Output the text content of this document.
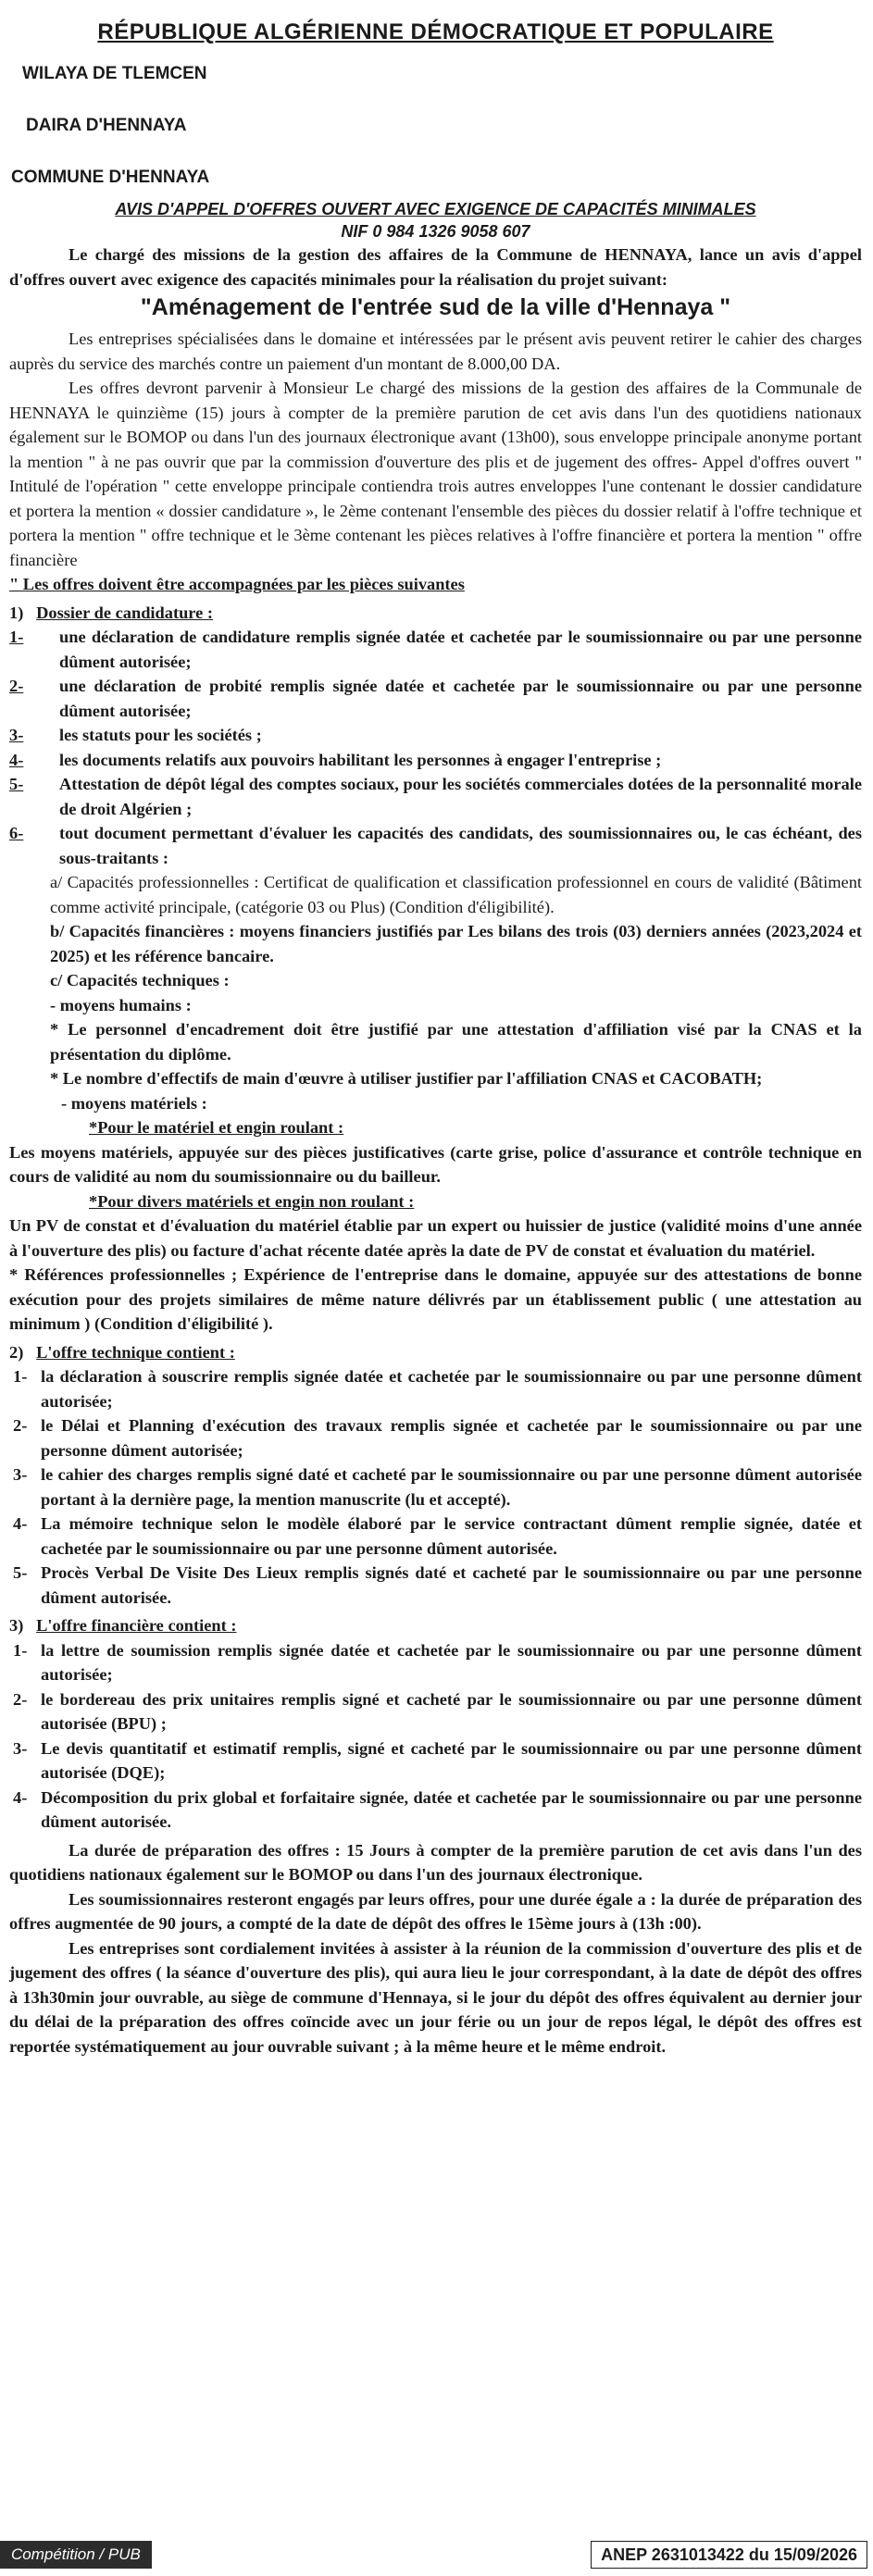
RÉPUBLIQUE ALGÉRIENNE DÉMOCRATIQUE ET POPULAIRE

WILAYA DE TLEMCEN

DAIRA D'HENNAYA

COMMUNE D'HENNAYA

AVIS D'APPEL D'OFFRES OUVERT AVEC EXIGENCE DE CAPACITÉS MINIMALES

NIF 0 984 1326 9058 607

Le chargé des missions de la gestion des affaires de la Commune de HENNAYA, lance un avis d'appel d'offres ouvert avec exigence des capacités minimales pour la réalisation du projet suivant:

"Aménagement de l'entrée sud de la ville d'Hennaya "

Les entreprises spécialisées dans le domaine et intéressées par le présent avis peuvent retirer le cahier des charges auprès du service des marchés contre un paiement d'un montant de 8.000,00 DA.

Les offres devront parvenir à Monsieur Le chargé des missions de la gestion des affaires de la Communale de HENNAYA le quinzième (15) jours à compter de la première parution de cet avis dans l'un des quotidiens nationaux également sur le BOMOP ou dans l'un des journaux électronique avant (13h00), sous enveloppe principale anonyme portant la mention " à ne pas ouvrir que par la commission d'ouverture des plis et de jugement des offres- Appel d'offres ouvert " Intitulé de l'opération " cette enveloppe principale contiendra trois autres enveloppes l'une contenant le dossier candidature et portera la mention « dossier candidature », le 2ème contenant l'ensemble des pièces du dossier relatif à l'offre technique et portera la mention " offre technique et le 3ème contenant les pièces relatives à l'offre financière et portera la mention " offre financière

" Les offres doivent être accompagnées par les pièces suivantes

1) Dossier de candidature :
1-	une déclaration de candidature remplis signée datée et cachetée par le soumissionnaire ou par une personne dûment autorisée;
2-	une déclaration de probité remplis signée datée et cachetée par le soumissionnaire ou par une personne dûment autorisée;
3-	les statuts pour les sociétés ;
4-	les documents relatifs aux pouvoirs habilitant les personnes à engager l'entreprise ;
5-	Attestation de dépôt légal des comptes sociaux, pour les sociétés commerciales dotées de la personnalité morale de droit Algérien ;
6-	tout document permettant d'évaluer les capacités des candidats, des soumissionnaires ou, le cas échéant, des sous-traitants :

a/ Capacités professionnelles : Certificat de qualification et classification professionnel en cours de validité (Bâtiment comme activité principale, (catégorie 03 ou Plus) (Condition d'éligibilité).

b/ Capacités financières : moyens financiers justifiés par Les bilans des trois (03) derniers années (2023,2024 et 2025) et les référence bancaire.

c/ Capacités techniques :

- moyens humains :

* Le personnel d'encadrement doit être justifié par une attestation d'affiliation visé par la CNAS et la présentation du diplôme.

* Le nombre d'effectifs de main d'œuvre à utiliser justifier par l'affiliation CNAS et CACOBATH;

- moyens matériels :

*Pour le matériel et engin roulant :

Les moyens matériels, appuyée sur des pièces justificatives (carte grise, police d'assurance et contrôle technique en cours de validité au nom du soumissionnaire ou du bailleur.

*Pour divers matériels et engin non roulant :

Un PV de constat et d'évaluation du matériel établie par un expert ou huissier de justice (validité moins d'une année à l'ouverture des plis) ou facture d'achat récente datée après la date de PV de constat et évaluation du matériel.

* Références professionnelles ; Expérience de l'entreprise dans le domaine, appuyée sur des attestations de bonne exécution pour des projets similaires de même nature délivrés par un établissement public ( une attestation au minimum ) (Condition d'éligibilité ).

2) L'offre technique contient :
1- la déclaration à souscrire remplis signée datée et cachetée par le soumissionnaire ou par une personne dûment autorisée;
2- le Délai et Planning d'exécution des travaux remplis signée et cachetée par le soumissionnaire ou par une personne dûment autorisée;
3- le cahier des charges remplis signé daté et cacheté par le soumissionnaire ou par une personne dûment autorisée portant à la dernière page, la mention manuscrite (lu et accepté).
4- La mémoire technique selon le modèle élaboré par le service contractant dûment remplie signée, datée et cachetée par le soumissionnaire ou par une personne dûment autorisée.
5- Procès Verbal De Visite Des Lieux remplis signés daté et cacheté par le soumissionnaire ou par une personne dûment autorisée.
3) L'offre financière contient :
1- la lettre de soumission remplis signée datée et cachetée par le soumissionnaire ou par une personne dûment autorisée;
2- le bordereau des prix unitaires remplis signé et cacheté par le soumissionnaire ou par une personne dûment autorisée (BPU) ;
3- Le devis quantitatif et estimatif remplis, signé et cacheté par le soumissionnaire ou par une personne dûment autorisée (DQE);
4- Décomposition du prix global et forfaitaire signée, datée et cachetée par le soumissionnaire ou par une personne dûment autorisée.

La durée de préparation des offres : 15 Jours à compter de la première parution de cet avis dans l'un des quotidiens nationaux également sur le BOMOP ou dans l'un des journaux électronique.

Les soumissionnaires resteront engagés par leurs offres, pour une durée égale a : la durée de préparation des offres augmentée de 90 jours, a compté de la date de dépôt des offres le 15ème jours à (13h :00).

Les entreprises sont cordialement invitées à assister à la réunion de la commission d'ouverture des plis et de jugement des offres ( la séance d'ouverture des plis), qui aura lieu le jour correspondant, à la date de dépôt des offres à 13h30min jour ouvrable, au siège de commune d'Hennaya, si le jour du dépôt des offres équivalent au dernier jour du délai de la préparation des offres coïncide avec un jour férie ou un jour de repos légal, le dépôt des offres est reportée systématiquement au jour ouvrable suivant ; à la même heure et le même endroit.

Compétition / PUB	ANEP 2631013422 du 15/09/2026
